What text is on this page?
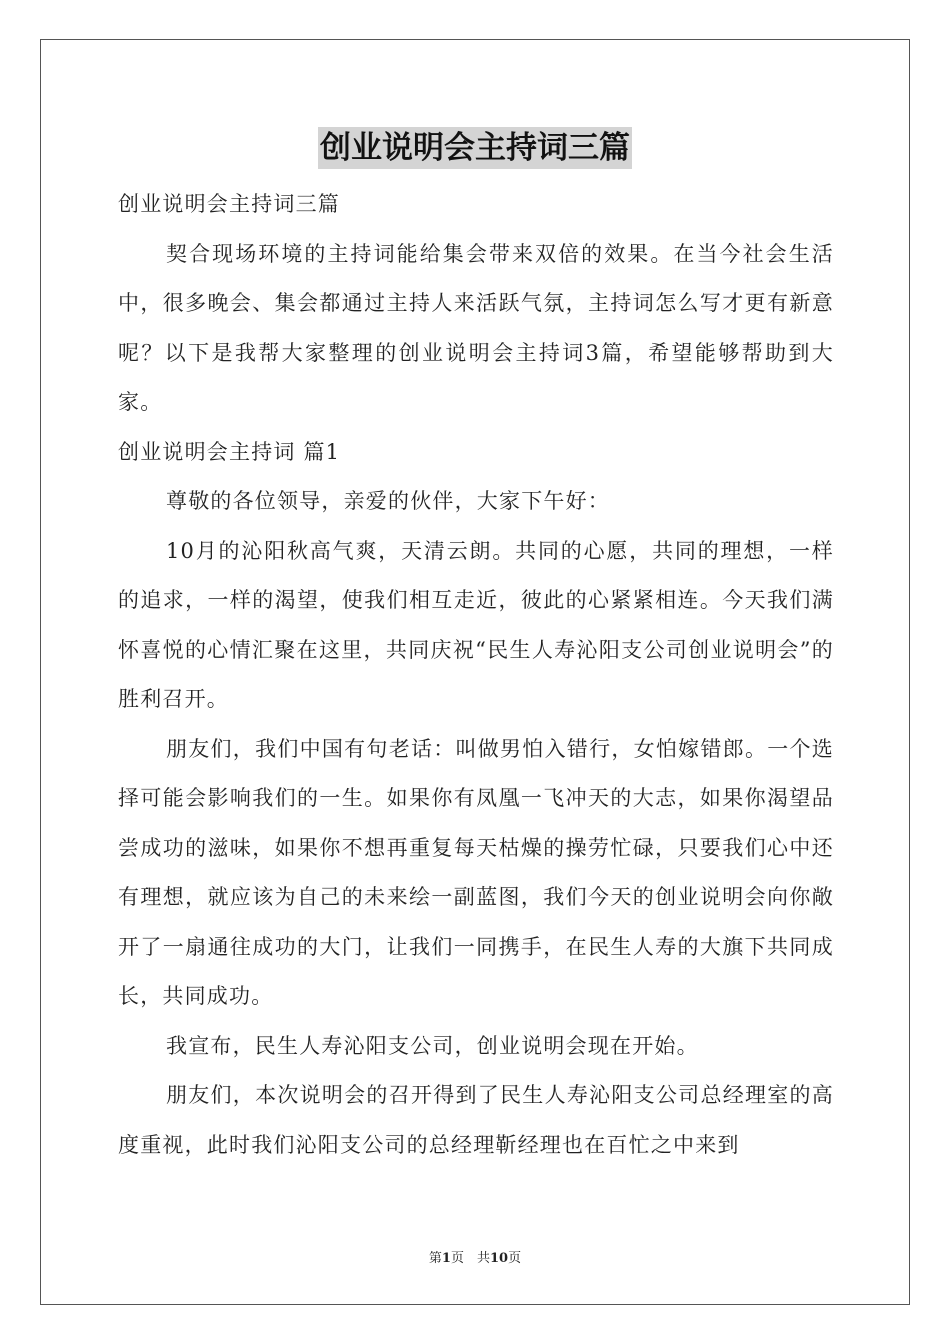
创业说明会主持词三篇

创业说明会主持词三篇

契合现场环境的主持词能给集会带来双倍的效果。在当今社会生活中，很多晚会、集会都通过主持人来活跃气氛，主持词怎么写才更有新意呢？以下是我帮大家整理的创业说明会主持词3篇，希望能够帮助到大家。

创业说明会主持词 篇1

尊敬的各位领导，亲爱的伙伴，大家下午好：

10月的沁阳秋高气爽，天清云朗。共同的心愿，共同的理想，一样的追求，一样的渴望，使我们相互走近，彼此的心紧紧相连。今天我们满怀喜悦的心情汇聚在这里，共同庆祝“民生人寿沁阳支公司创业说明会”的胜利召开。

朋友们，我们中国有句老话：叫做男怕入错行，女怕嫁错郎。一个选择可能会影响我们的一生。如果你有凤凰一飞冲天的大志，如果你渴望品尝成功的滋味，如果你不想再重复每天枯燥的操劳忙碌，只要我们心中还有理想，就应该为自己的未来绘一副蓝图，我们今天的创业说明会向你敞开了一扇通往成功的大门，让我们一同携手，在民生人寿的大旗下共同成长，共同成功。

我宣布，民生人寿沁阳支公司，创业说明会现在开始。

朋友们，本次说明会的召开得到了民生人寿沁阳支公司总经理室的高度重视，此时我们沁阳支公司的总经理靳经理也在百忙之中来到

第1页　共10页
